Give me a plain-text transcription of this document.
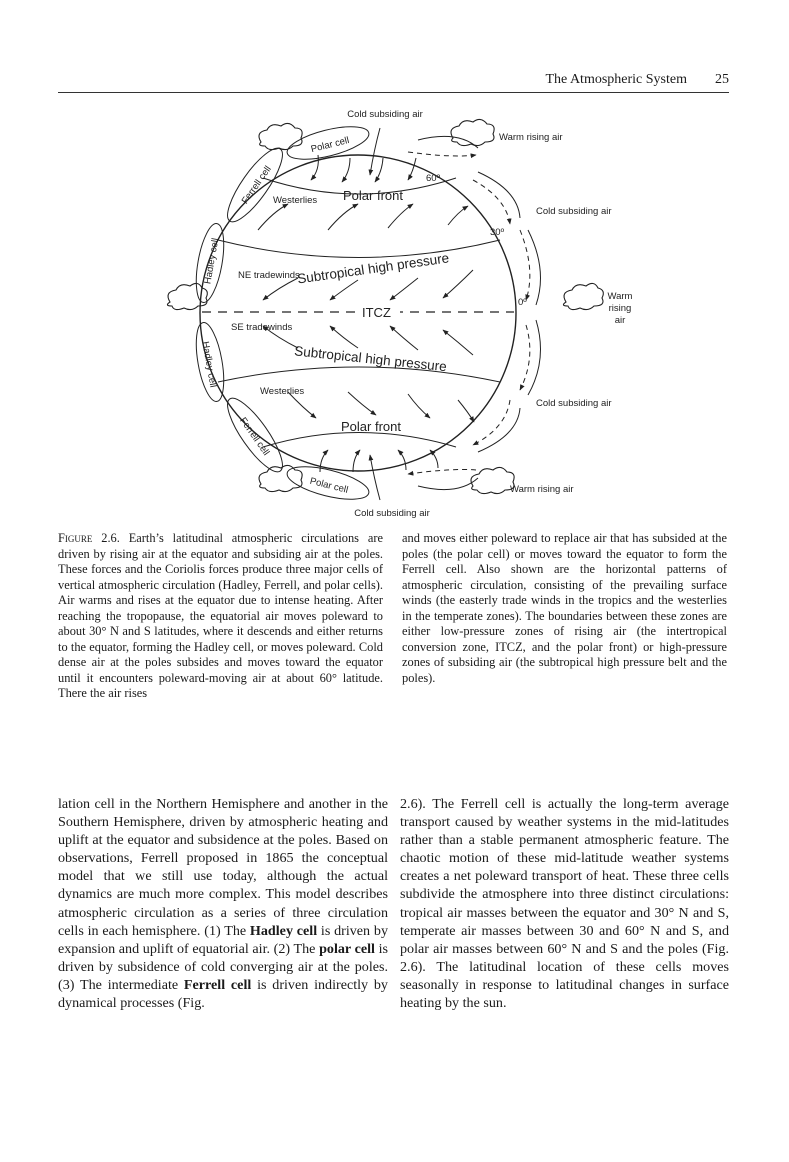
The Atmospheric System 25
Cold subsiding air
Warm rising air
Cold subsiding air
Warm
rising
air
Cold subsiding air
Warm rising air
Cold subsiding air
Polar cell
Polar cell
Ferrell cell
Ferrell cell
Hadley cell
Hadley cell
Westerlies
Westerlies
NE tradewinds
SE tradewinds
Polar front
Polar front
Subtropical high pressure
Subtropical high pressure
ITCZ
60º
30º
0º
Figure 2.6. Earth’s latitudinal atmospheric circulations are driven by rising air at the equator and subsiding air at the poles. These forces and the Coriolis forces produce three major cells of vertical atmospheric circulation (Hadley, Ferrell, and polar cells). Air warms and rises at the equator due to intense heating. After reaching the tropopause, the equatorial air moves poleward to about 30° N and S latitudes, where it descends and either returns to the equator, forming the Hadley cell, or moves poleward. Cold dense air at the poles subsides and moves toward the equator until it encounters poleward-moving air at about 60° latitude. There the air rises
and moves either poleward to replace air that has subsided at the poles (the polar cell) or moves toward the equator to form the Ferrell cell. Also shown are the horizontal patterns of atmospheric circulation, consisting of the prevailing surface winds (the easterly trade winds in the tropics and the westerlies in the temperate zones). The boundaries between these zones are either low-pressure zones of rising air (the intertropical conversion zone, ITCZ, and the polar front) or high-pressure zones of subsiding air (the subtropical high pressure belt and the poles).
lation cell in the Northern Hemisphere and another in the Southern Hemisphere, driven by atmospheric heating and uplift at the equator and subsidence at the poles. Based on observations, Ferrell proposed in 1865 the conceptual model that we still use today, although the actual dynamics are much more complex. This model describes atmospheric circulation as a series of three circulation cells in each hemisphere. (1) The Hadley cell is driven by expansion and uplift of equatorial air. (2) The polar cell is driven by subsidence of cold converging air at the poles. (3) The intermediate Ferrell cell is driven indirectly by dynamical processes (Fig.
2.6). The Ferrell cell is actually the long-term average transport caused by weather systems in the mid-latitudes rather than a stable permanent atmospheric feature. The chaotic motion of these mid-latitude weather systems creates a net poleward transport of heat. These three cells subdivide the atmosphere into three distinct circulations: tropical air masses between the equator and 30° N and S, temperate air masses between 30 and 60° N and S, and polar air masses between 60° N and S and the poles (Fig. 2.6). The latitudinal location of these cells moves seasonally in response to latitudinal changes in surface heating by the sun.
